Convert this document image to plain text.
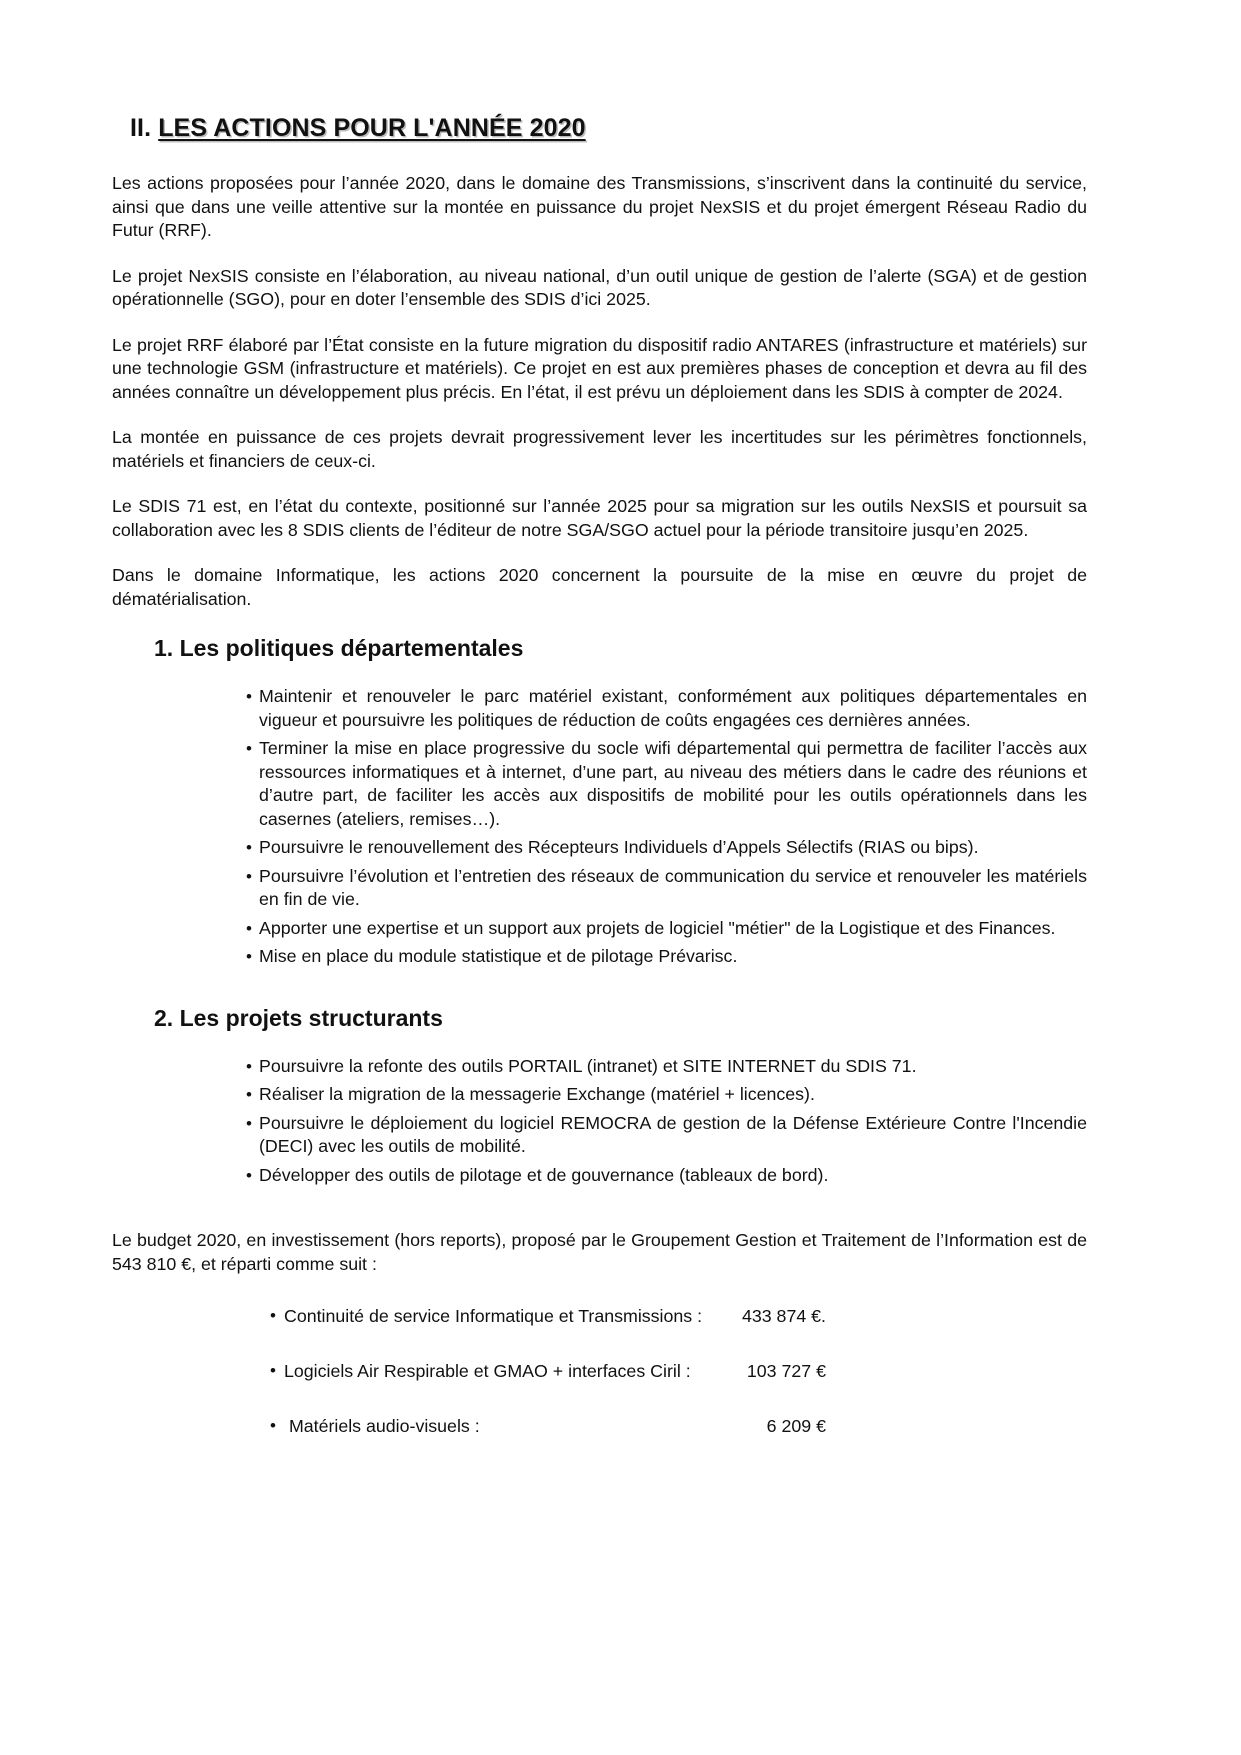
II. LES ACTIONS POUR L'ANNÉE 2020

Les actions proposées pour l’année 2020, dans le domaine des Transmissions, s’inscrivent dans la continuité du service, ainsi que dans une veille attentive sur la montée en puissance du projet NexSIS et du projet émergent Réseau Radio du Futur (RRF).

Le projet NexSIS consiste en l’élaboration, au niveau national, d’un outil unique de gestion de l’alerte (SGA) et de gestion opérationnelle (SGO), pour en doter l’ensemble des SDIS d’ici 2025.

Le projet RRF élaboré par l’État consiste en la future migration du dispositif radio ANTARES (infrastructure et matériels) sur une technologie GSM (infrastructure et matériels). Ce projet en est aux premières phases de conception et devra au fil des années connaître un développement plus précis. En l’état, il est prévu un déploiement dans les SDIS à compter de 2024.

La montée en puissance de ces projets devrait progressivement lever les incertitudes sur les périmètres fonctionnels, matériels et financiers de ceux-ci.

Le SDIS 71 est, en l’état du contexte, positionné sur l’année 2025 pour sa migration sur les outils NexSIS et poursuit sa collaboration avec les 8 SDIS clients de l’éditeur de notre SGA/SGO actuel pour la période transitoire jusqu’en 2025.

Dans le domaine Informatique, les actions 2020 concernent la poursuite de la mise en œuvre du projet de dématérialisation.

1. Les politiques départementales
• Maintenir et renouveler le parc matériel existant, conformément aux politiques départementales en vigueur et poursuivre les politiques de réduction de coûts engagées ces dernières années.
• Terminer la mise en place progressive du socle wifi départemental qui permettra de faciliter l’accès aux ressources informatiques et à internet, d’une part, au niveau des métiers dans le cadre des réunions et d’autre part, de faciliter les accès aux dispositifs de mobilité pour les outils opérationnels dans les casernes (ateliers, remises…).
• Poursuivre le renouvellement des Récepteurs Individuels d’Appels Sélectifs (RIAS ou bips).
• Poursuivre l’évolution et l’entretien des réseaux de communication du service et renouveler les matériels en fin de vie.
• Apporter une expertise et un support aux projets de logiciel "métier" de la Logistique et des Finances.
• Mise en place du module statistique et de pilotage Prévarisc.
2. Les projets structurants
• Poursuivre la refonte des outils PORTAIL (intranet) et SITE INTERNET du SDIS 71.
• Réaliser la migration de la messagerie Exchange (matériel + licences).
• Poursuivre le déploiement du logiciel REMOCRA de gestion de la Défense Extérieure Contre l'Incendie (DECI) avec les outils de mobilité.
• Développer des outils de pilotage et de gouvernance (tableaux de bord).

Le budget 2020, en investissement (hors reports), proposé par le Groupement Gestion et Traitement de l’Information est de 543 810 €, et réparti comme suit :

• Continuité de service Informatique et Transmissions :	433 874 €.
• Logiciels Air Respirable et GMAO + interfaces Ciril :	103 727 €
• Matériels audio-visuels :	6 209 €
